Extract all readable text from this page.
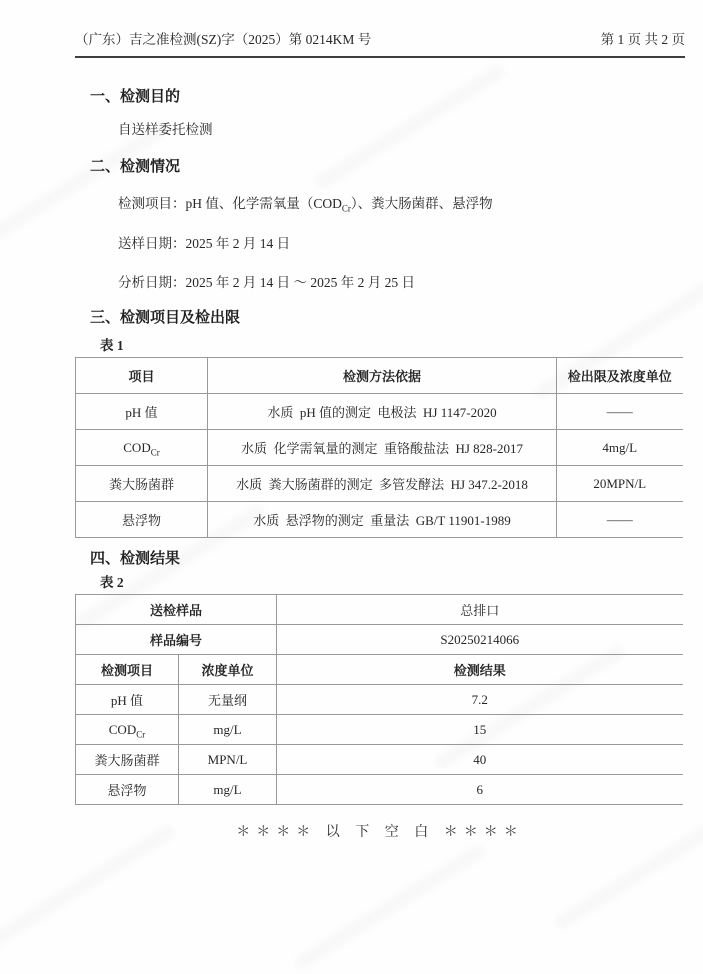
（广东）吉之准检测(SZ)字（2025）第 0214KM 号	第 1 页 共 2 页
一、检测目的

自送样委托检测

二、检测情况

检测项目：pH 值、化学需氧量$(COD_{Cr})$、粪大肠菌群、悬浮物

送样日期：2025 年 2 月 14 日

分析日期：2025 年 2 月 14 日 ～ 2025 年 2 月 25 日

三、检测项目及检出限
表 1
项目	检测方法依据	检出限及浓度单位
pH 值	水质  pH 值的测定  电极法  HJ 1147-2020	——
$COD_{Cr}$	水质  化学需氧量的测定  重铬酸盐法  HJ 828-2017	4mg/L
粪大肠菌群	水质  粪大肠菌群的测定  多管发酵法  HJ 347.2-2018	20MPN/L
悬浮物	水质  悬浮物的测定  重量法  GB/T 11901-1989	——
四、检测结果
表 2
送检样品		总排口
样品编号		S20250214066
检测项目	浓度单位	检测结果
pH 值	无量纲	7.2
$COD_{Cr}$	mg/L	15
粪大肠菌群	MPN/L	40
悬浮物	mg/L	6
＊＊＊＊ 以 下 空 白 ＊＊＊＊
